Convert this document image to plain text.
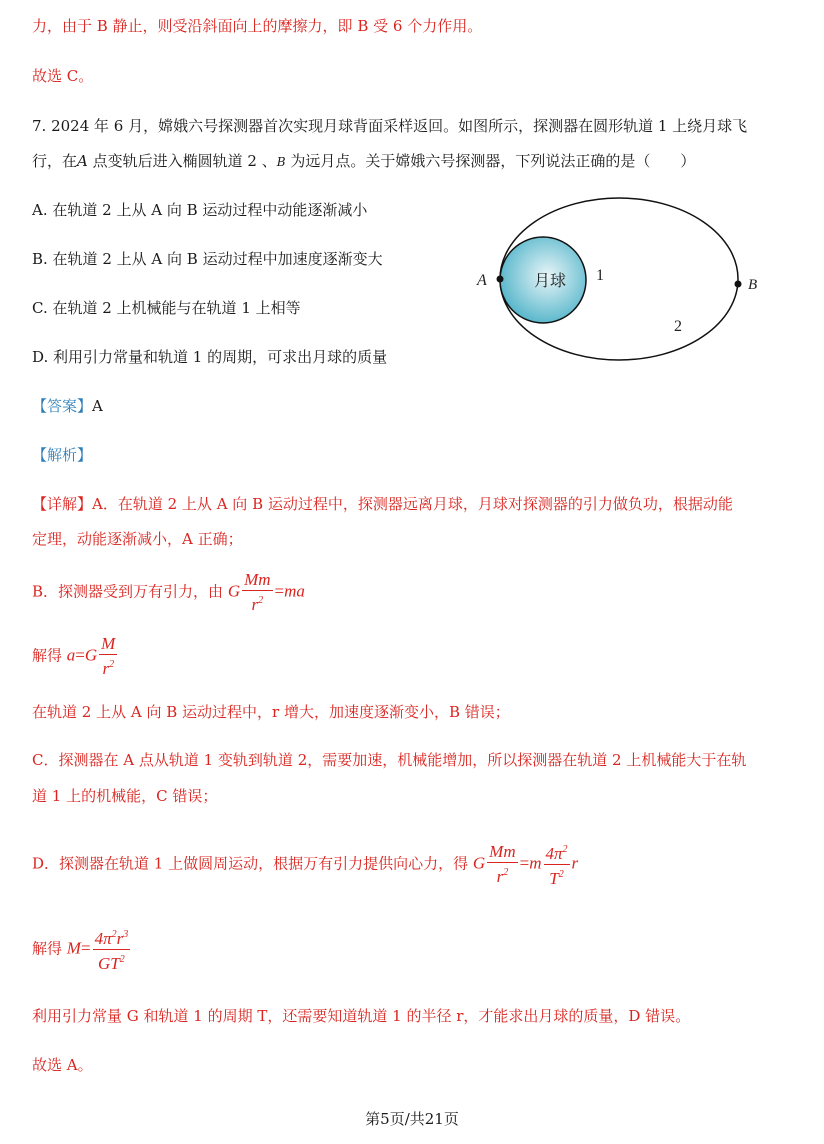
力，由于 B 静止，则受沿斜面向上的摩擦力，即 B 受 6 个力作用。
故选 C。
7. 2024 年 6 月，嫦娥六号探测器首次实现月球背面采样返回。如图所示，探测器在圆形轨道 1 上绕月球飞
行，在A 点变轨后进入椭圆轨道 2 、B 为远月点。关于嫦娥六号探测器，下列说法正确的是（　　）
A. 在轨道 2 上从 A 向 B 运动过程中动能逐渐减小
B. 在轨道 2 上从 A 向 B 运动过程中加速度逐渐变大
C. 在轨道 2 上机械能与在轨道 1 上相等
D. 利用引力常量和轨道 1 的周期，可求出月球的质量
月球
A	B
1
2
【答案】A
【解析】
【详解】A．在轨道 2 上从 A 向 B 运动过程中，探测器远离月球，月球对探测器的引力做负功，根据动能
定理，动能逐渐减小，A 正确；
B．探测器受到万有引力，由 G $\frac{Mm}{r^2} =ma$
解得 $a=G \frac{M}{r^2}$
在轨道 2 上从 A 向 B 运动过程中，r 增大，加速度逐渐变小，B 错误；
C．探测器在 A 点从轨道 1 变轨到轨道 2，需要加速，机械能增加，所以探测器在轨道 2 上机械能大于在轨
道 1 上的机械能，C 错误；
D．探测器在轨道 1 上做圆周运动，根据万有引力提供向心力，得 G $\frac{Mm}{r^2} =m \frac{4\pi^2}{T^2}$ r
解得 $M= \frac{4\pi^2r^3}{GT^2}$
利用引力常量 G 和轨道 1 的周期 T，还需要知道轨道 1 的半径 r，才能求出月球的质量，D 错误。
故选 A。
第5页/共21页
